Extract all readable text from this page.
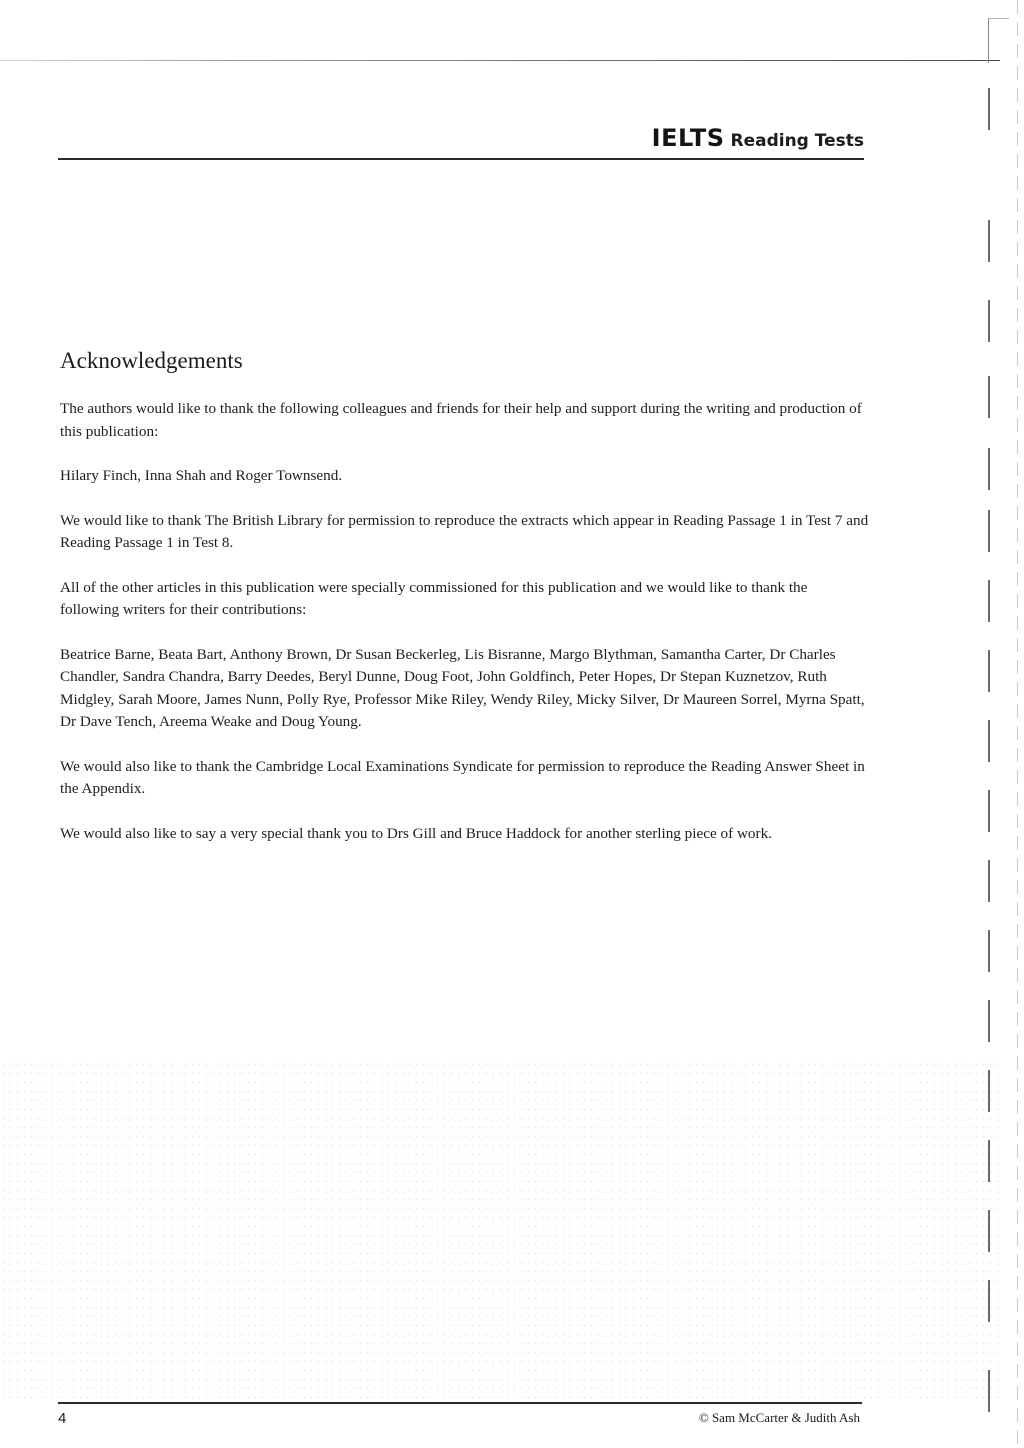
IELTS Reading Tests
Acknowledgements

The authors would like to thank the following colleagues and friends for their help and support during the writing and production of this publication:

Hilary Finch, Inna Shah and Roger Townsend.

We would like to thank The British Library for permission to reproduce the extracts which appear in Reading Passage 1 in Test 7 and Reading Passage 1 in Test 8.

All of the other articles in this publication were specially commissioned for this publication and we would like to thank the following writers for their contributions:

Beatrice Barne, Beata Bart, Anthony Brown, Dr Susan Beckerleg, Lis Bisranne, Margo Blythman, Samantha Carter, Dr Charles Chandler, Sandra Chandra, Barry Deedes, Beryl Dunne, Doug Foot, John Goldfinch, Peter Hopes, Dr Stepan Kuznetzov, Ruth Midgley, Sarah Moore, James Nunn, Polly Rye, Professor Mike Riley, Wendy Riley, Micky Silver, Dr Maureen Sorrel, Myrna Spatt, Dr Dave Tench, Areema Weake and Doug Young.

We would also like to thank the Cambridge Local Examinations Syndicate for permission to reproduce the Reading Answer Sheet in the Appendix.

We would also like to say a very special thank you to Drs Gill and Bruce Haddock for another sterling piece of work.

4	© Sam McCarter & Judith Ash
